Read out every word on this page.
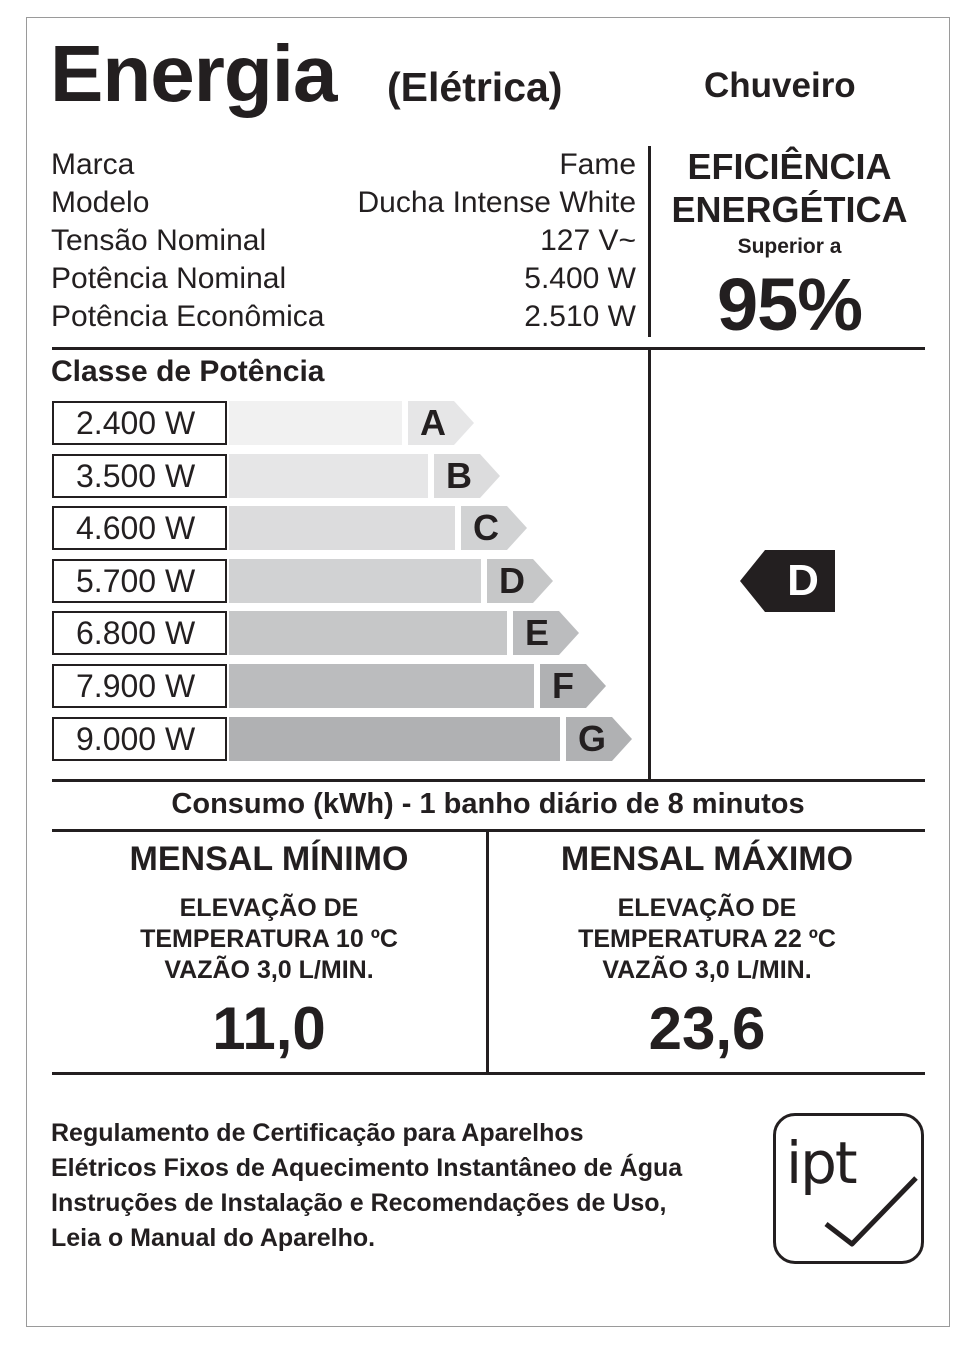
Energia (Elétrica)	Chuveiro
Marca	Fame
Modelo	Ducha Intense White
Tensão Nominal	127 V~
Potência Nominal	5.400 W
Potência Econômica	2.510 W
EFICIÊNCIA
ENERGÉTICA
Superior a
95%
Classe de Potência
2.400 W	A
3.500 W	B
4.600 W	C
5.700 W	D
6.800 W	E
7.900 W	F
9.000 W	G
D
Consumo (kWh) - 1 banho diário de 8 minutos
MENSAL MÍNIMO
ELEVAÇÃO DE
TEMPERATURA 10 ºC
VAZÃO 3,0 L/MIN.
11,0
MENSAL MÁXIMO
ELEVAÇÃO DE
TEMPERATURA 22 ºC
VAZÃO 3,0 L/MIN.
23,6
Regulamento de Certificação para Aparelhos
Elétricos Fixos de Aquecimento Instantâneo de Água
Instruções de Instalação e Recomendações de Uso,
Leia o Manual do Aparelho.
ipt
